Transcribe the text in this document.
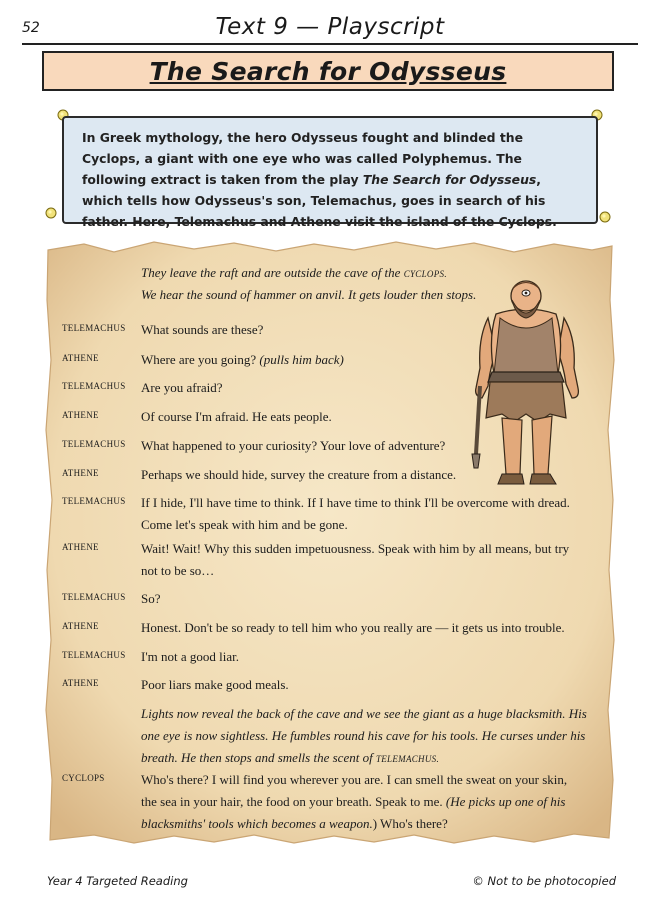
52	Text 9 — Playscript
The Search for Odysseus
In Greek mythology, the hero Odysseus fought and blinded the Cyclops, a giant with one eye who was called Polyphemus. The following extract is taken from the play The Search for Odysseus, which tells how Odysseus's son, Telemachus, goes in search of his father. Here, Telemachus and Athene visit the island of the Cyclops.
They leave the raft and are outside the cave of the CYCLOPS.
We hear the sound of hammer on anvil. It gets louder then stops.
TELEMACHUS	What sounds are these?
ATHENE	Where are you going? (pulls him back)
TELEMACHUS	Are you afraid?
ATHENE	Of course I'm afraid. He eats people.
TELEMACHUS	What happened to your curiosity? Your love of adventure?
ATHENE	Perhaps we should hide, survey the creature from a distance.
TELEMACHUS	If I hide, I'll have time to think. If I have time to think I'll be overcome with dread.
Come let's speak with him and be gone.
ATHENE	Wait! Wait! Why this sudden impetuousness. Speak with him by all means, but try
not to be so…
TELEMACHUS	So?
ATHENE	Honest. Don't be so ready to tell him who you really are — it gets us into trouble.
TELEMACHUS	I'm not a good liar.
ATHENE	Poor liars make good meals.
Lights now reveal the back of the cave and we see the giant as a huge blacksmith. His
one eye is now sightless. He fumbles round his cave for his tools. He curses under his
breath. He then stops and smells the scent of TELEMACHUS.
CYCLOPS	Who's there? I will find you wherever you are. I can smell the sweat on your skin,
the sea in your hair, the food on your breath. Speak to me. (He picks up one of his
blacksmiths' tools which becomes a weapon.) Who's there?
Year 4 Targeted Reading	© Not to be photocopied
